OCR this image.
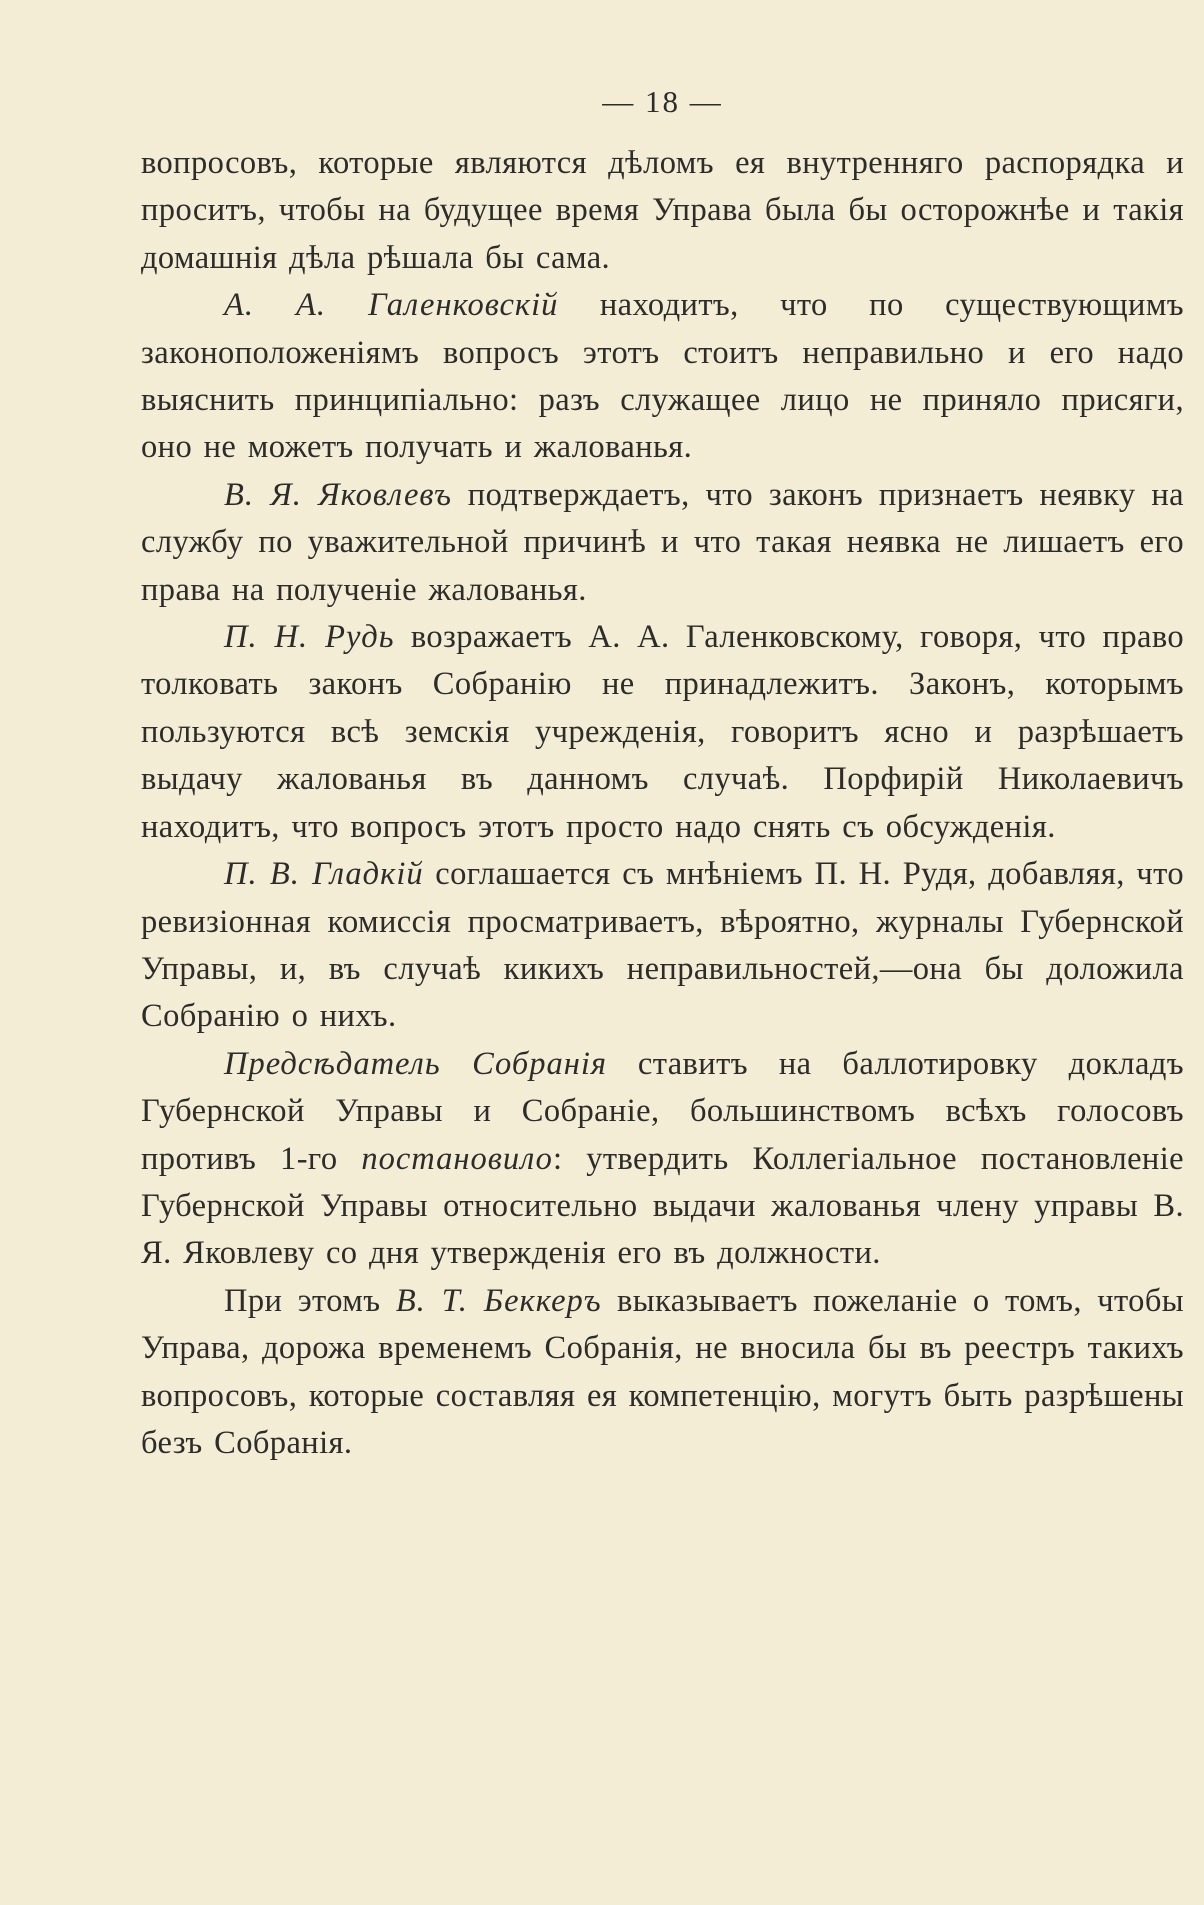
— 18 —

вопросовъ, которые являются дѣломъ ея внутренняго распорядка и проситъ, чтобы на будущее время Управа была бы осторожнѣе и такія домашнія дѣла рѣшала бы сама.

А. А. Галенковскій находитъ, что по существующимъ законоположеніямъ вопросъ этотъ стоитъ неправильно и его надо выяснить принципіально: разъ служащее лицо не приняло присяги, оно не можетъ получать и жалованья.

В. Я. Яковлевъ подтверждаетъ, что законъ признаетъ неявку на службу по уважительной причинѣ и что такая неявка не лишаетъ его права на полученіе жалованья.

П. Н. Рудь возражаетъ А. А. Галенковскому, говоря, что право толковать законъ Собранію не принадлежитъ. Законъ, которымъ пользуются всѣ земскія учрежденія, говоритъ ясно и разрѣшаетъ выдачу жалованья въ данномъ случаѣ. Порфирій Николаевичъ находитъ, что вопросъ этотъ просто надо снять съ обсужденія.

П. В. Гладкій соглашается съ мнѣніемъ П. Н. Рудя, добавляя, что ревизіонная комиссія просматриваетъ, вѣроятно, журналы Губернской Управы, и, въ случаѣ кикихъ неправильностей,—она бы доложила Собранію о нихъ.

Предсѣдатель Собранія ставитъ на баллотировку докладъ Губернской Управы и Собраніе, большинствомъ всѣхъ голосовъ противъ 1-го постановило: утвердить Коллегіальное постановленіе Губернской Управы относительно выдачи жалованья члену управы В. Я. Яковлеву со дня утвержденія его въ должности.

При этомъ В. Т. Беккеръ выказываетъ пожеланіе о томъ, чтобы Управа, дорожа временемъ Собранія, не вносила бы въ реестръ такихъ вопросовъ, которые составляя ея компетенцію, могутъ быть разрѣшены безъ Собранія.
